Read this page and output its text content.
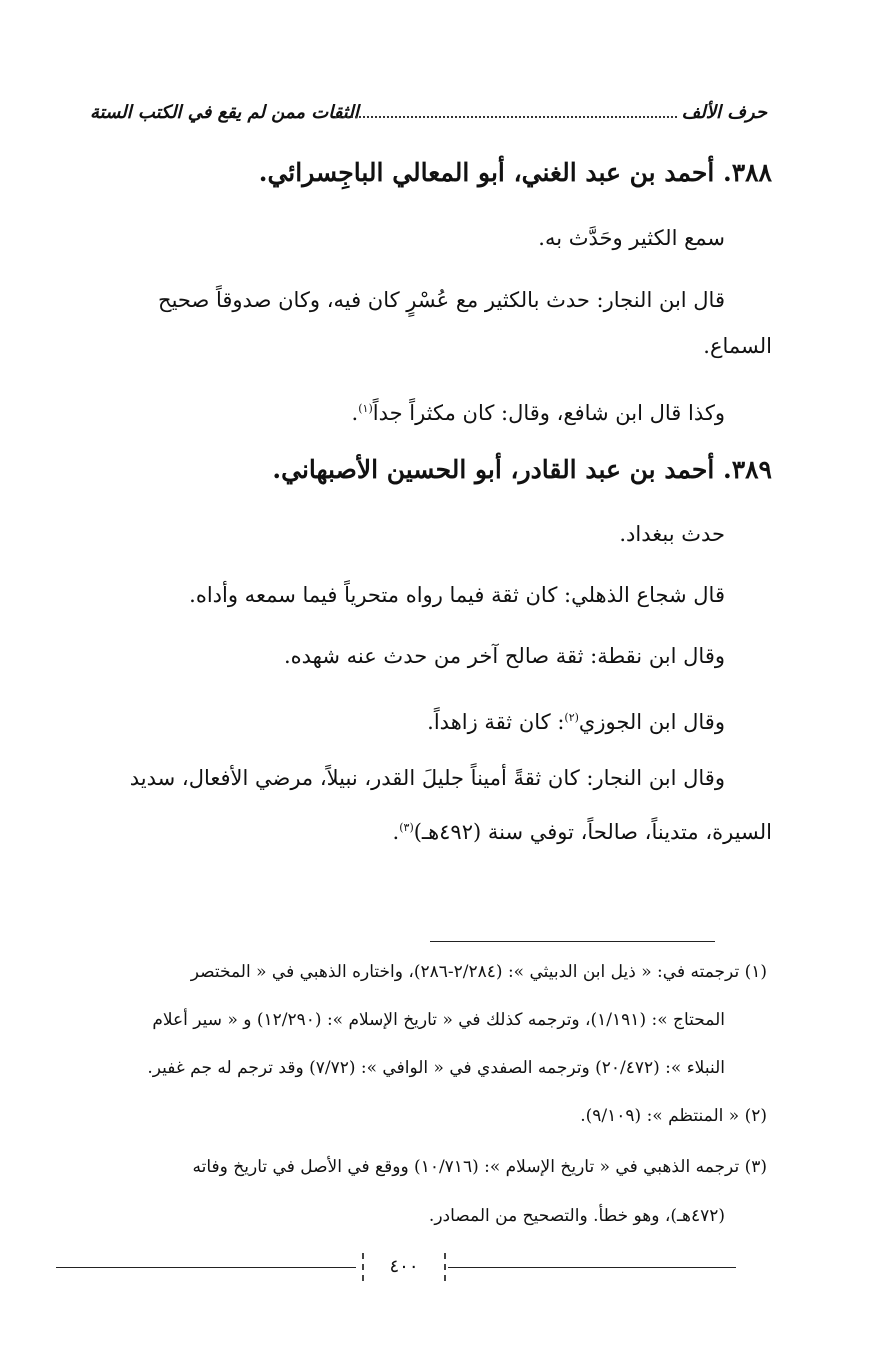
الثقات ممن لم يقع في الكتب الستة	حرف الألف
٣٨٨. أحمد بن عبد الغني، أبو المعالي الباجِسرائي.
سمع الكثير وحَدَّث به.
قال ابن النجار: حدث بالكثير مع عُسْرٍ كان فيه، وكان صدوقاً صحيح
السماع.
وكذا قال ابن شافع، وقال: كان مكثراً جداً$^{(١)}$.
٣٨٩. أحمد بن عبد القادر، أبو الحسين الأصبهاني.
حدث ببغداد.
قال شجاع الذهلي: كان ثقة فيما رواه متحرياً فيما سمعه وأداه.
وقال ابن نقطة: ثقة صالح آخر من حدث عنه شهده.
وقال ابن الجوزي$^{(٢)}$: كان ثقة زاهداً.
وقال ابن النجار: كان ثقةً أميناً جليلَ القدر، نبيلاً، مرضي الأفعال، سديد
السيرة، متديناً، صالحاً، توفي سنة (٤٩٢هـ)$^{(٣)}$.
(١) ترجمته في: « ذيل ابن الدبيثي »: (٢/٢٨٤-٢٨٦)، واختاره الذهبي في « المختصر
المحتاج »: (١/١٩١)، وترجمه كذلك في « تاريخ الإسلام »: (١٢/٢٩٠) و « سير أعلام
النبلاء »: (٢٠/٤٧٢) وترجمه الصفدي في « الوافي »: (٧/٧٢) وقد ترجم له جم غفير.
(٢) « المنتظم »: (٩/١٠٩).
(٣) ترجمه الذهبي في « تاريخ الإسلام »: (١٠/٧١٦) ووقع في الأصل في تاريخ وفاته
(٤٧٢هـ)، وهو خطأ. والتصحيح من المصادر.
٤٠٠
